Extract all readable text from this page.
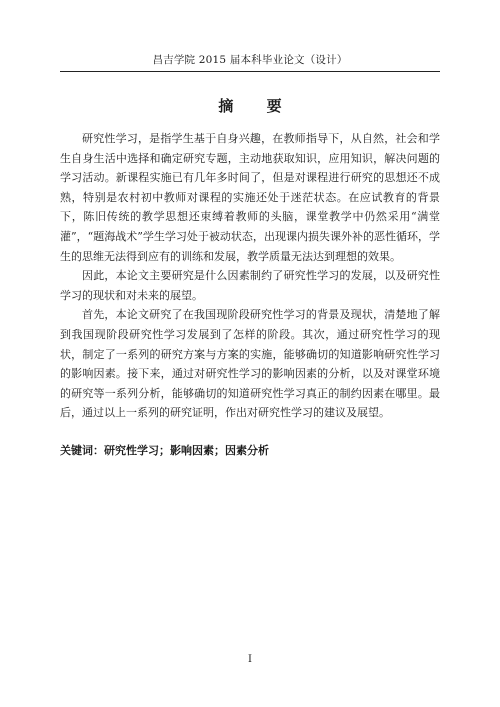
昌吉学院 2015 届本科毕业论文（设计）
摘 要

研究性学习，是指学生基于自身兴趣，在教师指导下，从自然，社会和学生自身生活中选择和确定研究专题，主动地获取知识，应用知识，解决问题的学习活动。新课程实施已有几年多时间了，但是对课程进行研究的思想还不成熟，特别是农村初中教师对课程的实施还处于迷茫状态。在应试教育的背景下，陈旧传统的教学思想还束缚着教师的头脑，课堂教学中仍然采用“满堂灌”，“题海战术”学生学习处于被动状态，出现课内损失课外补的恶性循环，学生的思维无法得到应有的训练和发展，教学质量无法达到理想的效果。

因此，本论文主要研究是什么因素制约了研究性学习的发展，以及研究性学习的现状和对未来的展望。

首先，本论文研究了在我国现阶段研究性学习的背景及现状，清楚地了解到我国现阶段研究性学习发展到了怎样的阶段。其次，通过研究性学习的现状，制定了一系列的研究方案与方案的实施，能够确切的知道影响研究性学习的影响因素。接下来，通过对研究性学习的影响因素的分析，以及对课堂环境的研究等一系列分析，能够确切的知道研究性学习真正的制约因素在哪里。最后，通过以上一系列的研究证明，作出对研究性学习的建议及展望。

关键词：研究性学习；影响因素；因素分析
I
